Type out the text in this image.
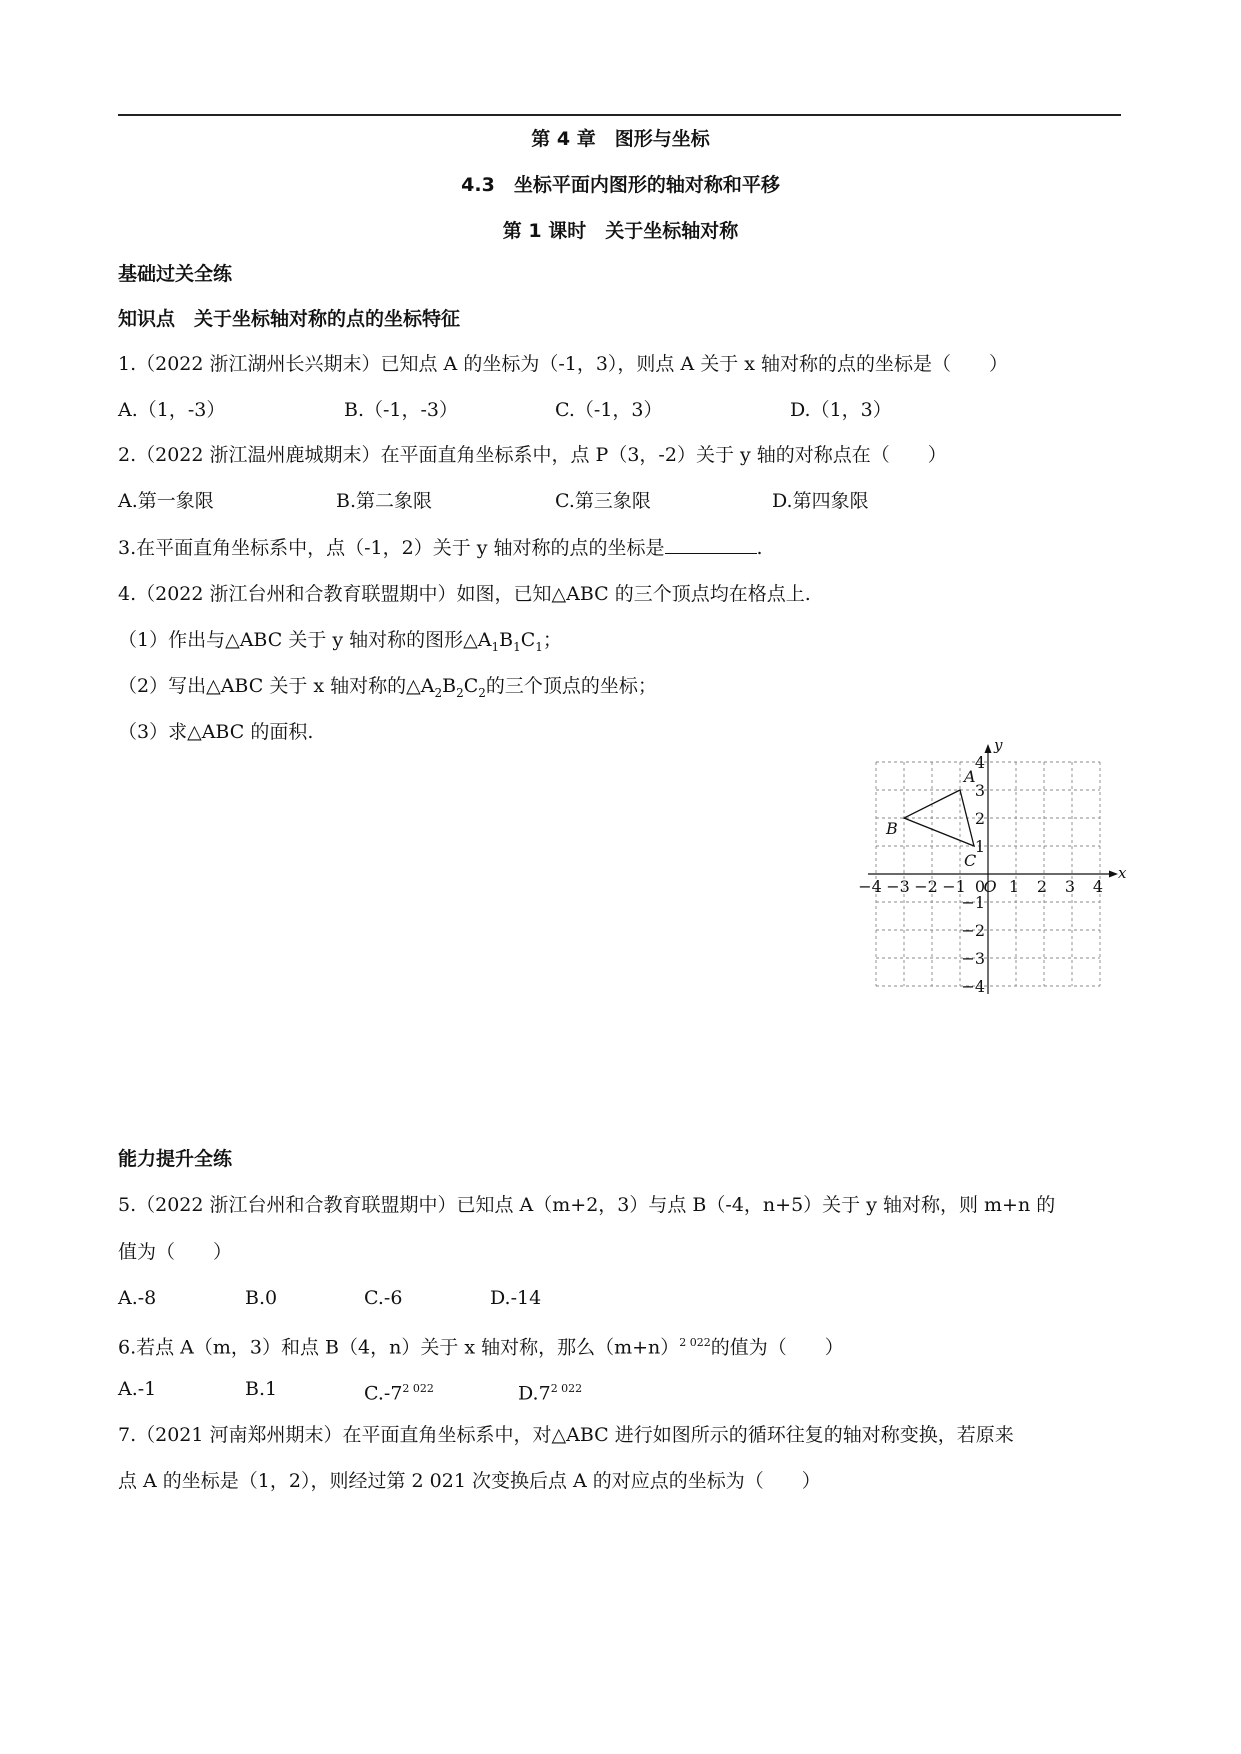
第 4 章　图形与坐标
4.3　坐标平面内图形的轴对称和平移
第 1 课时　关于坐标轴对称
基础过关全练
知识点　关于坐标轴对称的点的坐标特征
1.（2022 浙江湖州长兴期末）已知点 A 的坐标为（-1，3），则点 A 关于 x 轴对称的点的坐标是（　　）
A.（1，-3）	B.（-1，-3）	C.（-1，3）	D.（1，3）
2.（2022 浙江温州鹿城期末）在平面直角坐标系中，点 P（3，-2）关于 y 轴的对称点在（　　）
A.第一象限	B.第二象限	C.第三象限	D.第四象限
3.在平面直角坐标系中，点（-1，2）关于 y 轴对称的点的坐标是	.
4.（2022 浙江台州和合教育联盟期中）如图，已知△ABC 的三个顶点均在格点上.
（1）作出与△ABC 关于 y 轴对称的图形$\triangle A_1B_1C_1$；
（2）写出△ABC 关于 x 轴对称的$\triangle A_2B_2C_2$的三个顶点的坐标；
（3）求△ABC 的面积.
x
y
O
−4 −3 −2 −1	1 2 3 4
0
4
3
2
1
−1
−2
−3
−4
A
B
C
能力提升全练
5.（2022 浙江台州和合教育联盟期中）已知点 A（m+2，3）与点 B（-4，n+5）关于 y 轴对称，则 m+n 的
值为（　　）
A.-8	B.0	C.-6	D.-14
6.若点 A（m，3）和点 B（4，n）关于 x 轴对称，那么$(m+n)^{2 022}$的值为（　　）
A.-1	B.1	$C.-7^{2 022}$	$D.7^{2 022}$
7.（2021 河南郑州期末）在平面直角坐标系中，对△ABC 进行如图所示的循环往复的轴对称变换，若原来
点 A 的坐标是（1，2），则经过第 2 021 次变换后点 A 的对应点的坐标为（　　）
